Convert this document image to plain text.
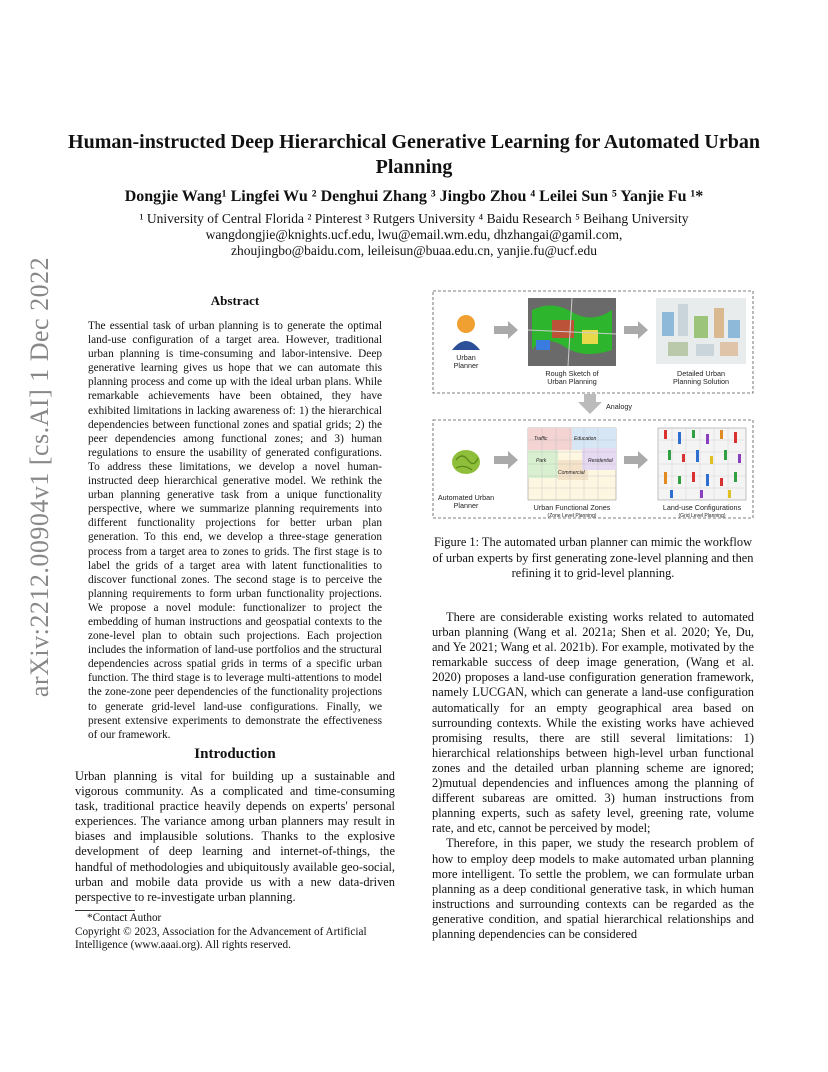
arXiv:2212.00904v1 [cs.AI] 1 Dec 2022
Human-instructed Deep Hierarchical Generative Learning for Automated Urban Planning
Dongjie Wang¹ Lingfei Wu ² Denghui Zhang ³ Jingbo Zhou ⁴ Leilei Sun ⁵ Yanjie Fu ¹*
¹ University of Central Florida ² Pinterest ³ Rutgers University ⁴ Baidu Research ⁵ Beihang University
wangdongjie@knights.ucf.edu, lwu@email.wm.edu, dhzhangai@gamil.com,
zhoujingbo@baidu.com, leileisun@buaa.edu.cn, yanjie.fu@ucf.edu
Abstract
The essential task of urban planning is to generate the optimal land-use configuration of a target area. However, traditional urban planning is time-consuming and labor-intensive. Deep generative learning gives us hope that we can automate this planning process and come up with the ideal urban plans. While remarkable achievements have been obtained, they have exhibited limitations in lacking awareness of: 1) the hierarchical dependencies between functional zones and spatial grids; 2) the peer dependencies among functional zones; and 3) human regulations to ensure the usability of generated configurations. To address these limitations, we develop a novel human-instructed deep hierarchical generative model. We rethink the urban planning generative task from a unique functionality perspective, where we summarize planning requirements into different functionality projections for better urban plan generation. To this end, we develop a three-stage generation process from a target area to zones to grids. The first stage is to label the grids of a target area with latent functionalities to discover functional zones. The second stage is to perceive the planning requirements to form urban functionality projections. We propose a novel module: functionalizer to project the embedding of human instructions and geospatial contexts to the zone-level plan to obtain such projections. Each projection includes the information of land-use portfolios and the structural dependencies across spatial grids in terms of a specific urban function. The third stage is to leverage multi-attentions to model the zone-zone peer dependencies of the functionality projections to generate grid-level land-use configurations. Finally, we present extensive experiments to demonstrate the effectiveness of our framework.
Introduction
Urban planning is vital for building up a sustainable and vigorous community. As a complicated and time-consuming task, traditional practice heavily depends on experts' personal experiences. The variance among urban planners may result in biases and implausible solutions. Thanks to the explosive development of deep learning and internet-of-things, the handful of methodologies and ubiquitously available geo-social, urban and mobile data provide us with a new data-driven perspective to re-investigate urban planning.
*Contact Author
Copyright © 2023, Association for the Advancement of Artificial Intelligence (www.aaai.org). All rights reserved.
Urban
Planner
Rough Sketch of
Urban Planning
Detailed Urban
Planning Solution
Analogy
Automated Urban
Planner
Traffic	Education
Park
Commercial
Residential
Urban Functional Zones
(Zone Level Planning)
Land-use Configurations
(Grid Level Planning)
Figure 1: The automated urban planner can mimic the workflow of urban experts by first generating zone-level planning and then refining it to grid-level planning.

There are considerable existing works related to automated urban planning (Wang et al. 2021a; Shen et al. 2020; Ye, Du, and Ye 2021; Wang et al. 2021b). For example, motivated by the remarkable success of deep image generation, (Wang et al. 2020) proposes a land-use configuration generation framework, namely LUCGAN, which can generate a land-use configuration automatically for an empty geographical area based on surrounding contexts. While the existing works have achieved promising results, there are still several limitations: 1) hierarchical relationships between high-level urban functional zones and the detailed urban planning scheme are ignored; 2)mutual dependencies and influences among the planning of different subareas are omitted. 3) human instructions from planning experts, such as safety level, greening rate, volume rate, and etc, cannot be perceived by model;

Therefore, in this paper, we study the research problem of how to employ deep models to make automated urban planning more intelligent. To settle the problem, we can formulate urban planning as a deep conditional generative task, in which human instructions and surrounding contexts can be regarded as the generative condition, and spatial hierarchical relationships and planning dependencies can be considered
